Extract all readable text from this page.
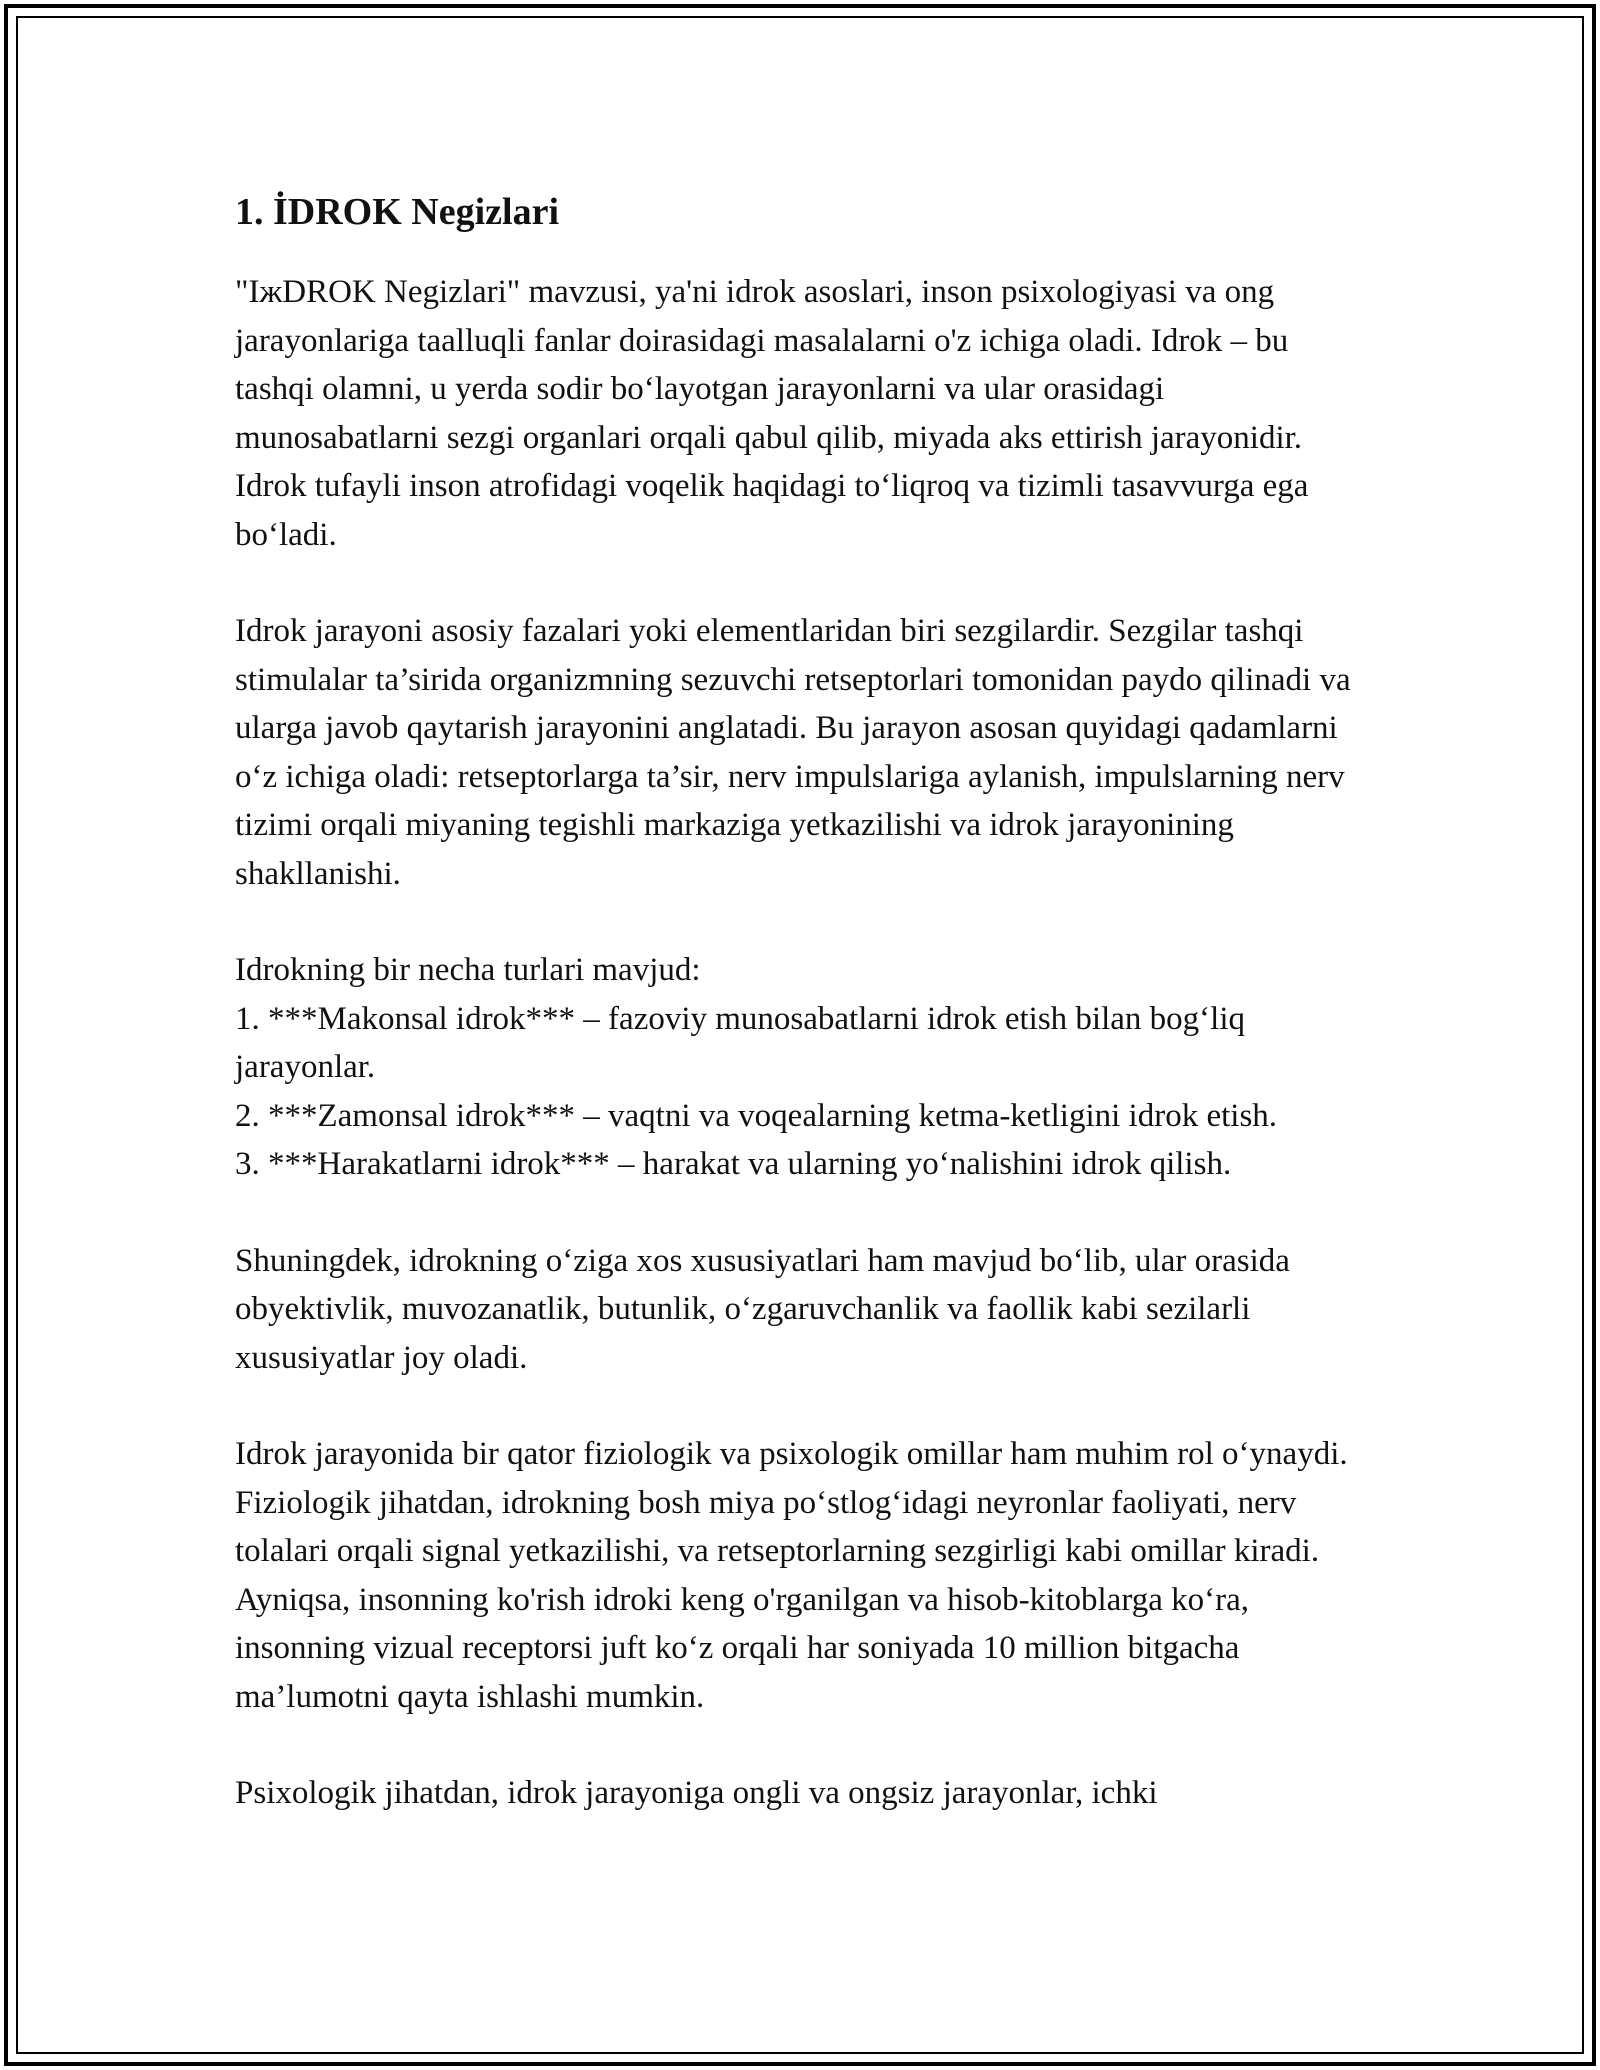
1. İDROK Negizlari

"IжDROK Negizlari" mavzusi, ya'ni idrok asoslari, inson psixologiyasi va ong jarayonlariga taalluqli fanlar doirasidagi masalalarni o'z ichiga oladi. Idrok – bu tashqi olamni, u yerda sodir boʻlayotgan jarayonlarni va ular orasidagi munosabatlarni sezgi organlari orqali qabul qilib, miyada aks ettirish jarayonidir. Idrok tufayli inson atrofidagi voqelik haqidagi toʻliqroq va tizimli tasavvurga ega boʻladi.

Idrok jarayoni asosiy fazalari yoki elementlaridan biri sezgilardir. Sezgilar tashqi stimulalar ta’sirida organizmning sezuvchi retseptorlari tomonidan paydo qilinadi va ularga javob qaytarish jarayonini anglatadi. Bu jarayon asosan quyidagi qadamlarni oʻz ichiga oladi: retseptorlarga ta’sir, nerv impulslariga aylanish, impulslarning nerv tizimi orqali miyaning tegishli markaziga yetkazilishi va idrok jarayonining shakllanishi.

Idrokning bir necha turlari mavjud:
1. ***Makonsal idrok*** – fazoviy munosabatlarni idrok etish bilan bogʻliq jarayonlar.
2. ***Zamonsal idrok*** – vaqtni va voqealarning ketma-ketligini idrok etish.
3. ***Harakatlarni idrok*** – harakat va ularning yoʻnalishini idrok qilish.

Shuningdek, idrokning oʻziga xos xususiyatlari ham mavjud boʻlib, ular orasida obyektivlik, muvozanatlik, butunlik, oʻzgaruvchanlik va faollik kabi sezilarli xususiyatlar joy oladi.

Idrok jarayonida bir qator fiziologik va psixologik omillar ham muhim rol oʻynaydi. Fiziologik jihatdan, idrokning bosh miya poʻstlogʻidagi neyronlar faoliyati, nerv tolalari orqali signal yetkazilishi, va retseptorlarning sezgirligi kabi omillar kiradi. Ayniqsa, insonning ko'rish idroki keng o'rganilgan va hisob-kitoblarga koʻra, insonning vizual receptorsi juft koʻz orqali har soniyada 10 million bitgacha ma’lumotni qayta ishlashi mumkin.

Psixologik jihatdan, idrok jarayoniga ongli va ongsiz jarayonlar, ichki
